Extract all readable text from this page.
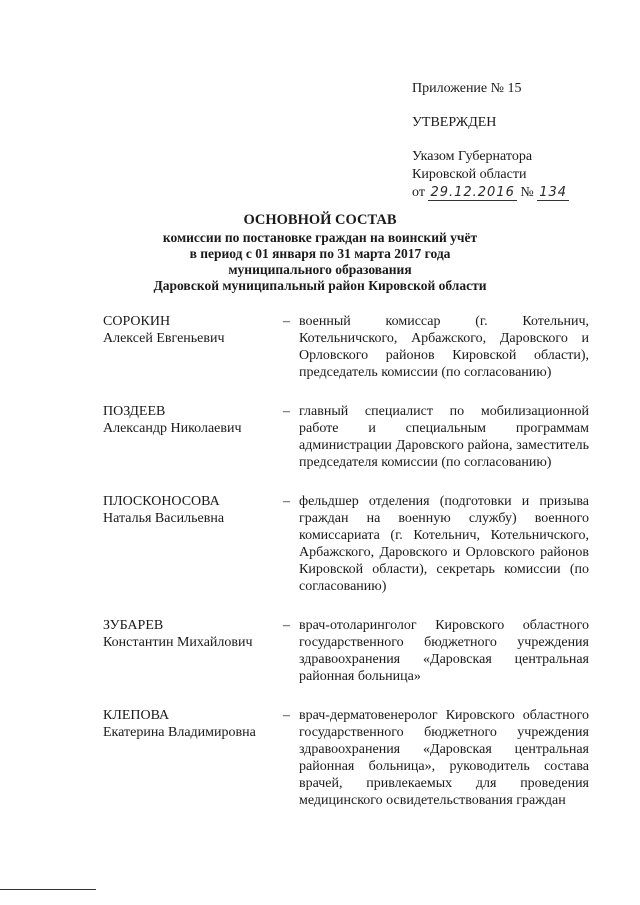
Приложение № 15
УТВЕРЖДЕН
Указом Губернатора
Кировской области
от 29.12.2016 № 134
ОСНОВНОЙ СОСТАВ
комиссии по постановке граждан на воинский учёт
в период с 01 января по 31 марта 2017 года
муниципального образования
Даровской муниципальный район Кировской области
СОРОКИН
Алексей Евгеньевич
– военный комиссар (г. Котельнич, Котельничского, Арбажского, Даровского и Орловского районов Кировской области), председатель комиссии (по согласованию)
ПОЗДЕЕВ
Александр Николаевич
– главный специалист по мобилизационной работе и специальным программам администрации Даровского района, заместитель председателя комиссии (по согласованию)
ПЛОСКОНОСОВА
Наталья Васильевна
– фельдшер отделения (подготовки и призыва граждан на военную службу) военного комиссариата (г. Котельнич, Котельничского, Арбажского, Даровского и Орловского районов Кировской области), секретарь комиссии (по согласованию)
ЗУБАРЕВ
Константин Михайлович
– врач-отоларинголог Кировского областного государственного бюджетного учреждения здравоохранения «Даровская центральная районная больница»
КЛЕПОВА
Екатерина Владимировна
– врач-дерматовенеролог Кировского областного государственного бюджетного учреждения здравоохранения «Даровская центральная районная больница», руководитель состава врачей, привлекаемых для проведения медицинского освидетельствования граждан
